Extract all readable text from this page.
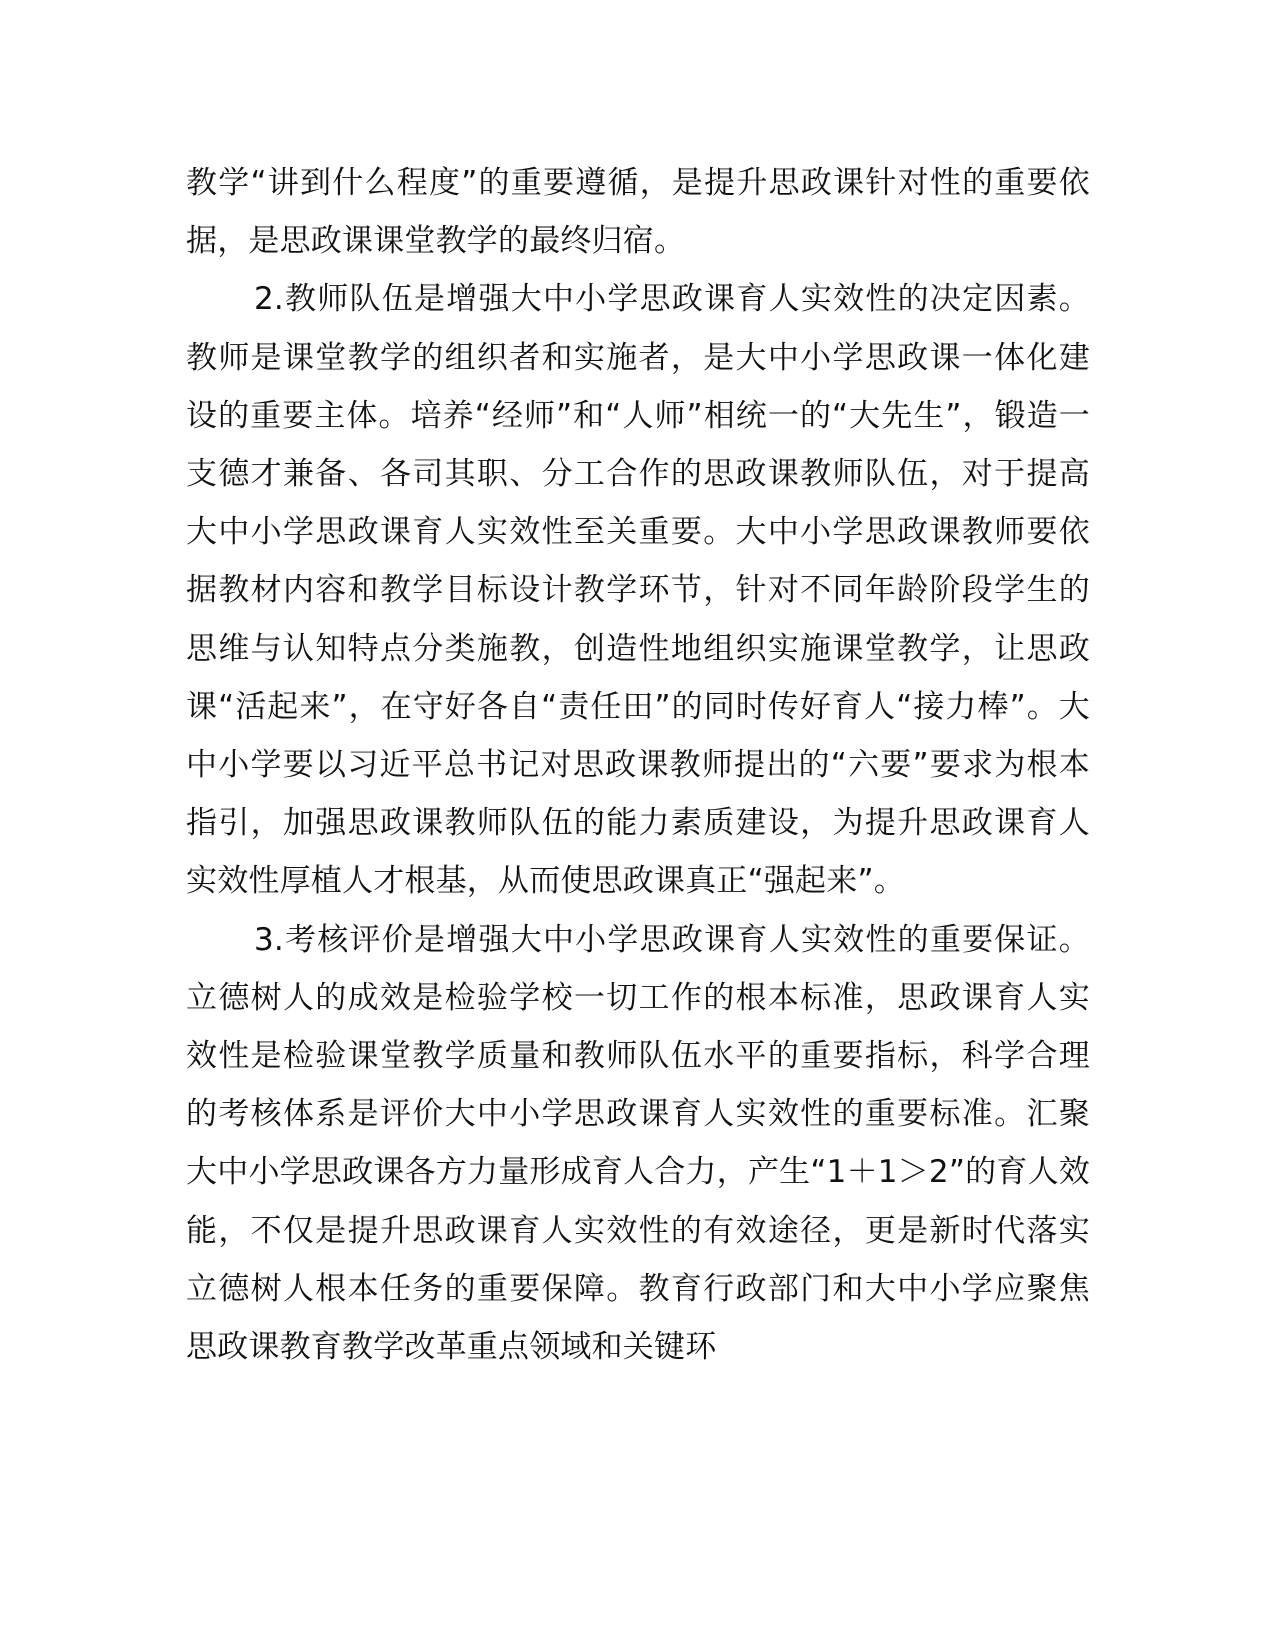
教学“讲到什么程度”的重要遵循，是提升思政课针对性的重要依据，是思政课课堂教学的最终归宿。

2.教师队伍是增强大中小学思政课育人实效性的决定因素。教师是课堂教学的组织者和实施者，是大中小学思政课一体化建设的重要主体。培养“经师”和“人师”相统一的“大先生”，锻造一支德才兼备、各司其职、分工合作的思政课教师队伍，对于提高大中小学思政课育人实效性至关重要。大中小学思政课教师要依据教材内容和教学目标设计教学环节，针对不同年龄阶段学生的思维与认知特点分类施教，创造性地组织实施课堂教学，让思政课“活起来”，在守好各自“责任田”的同时传好育人“接力棒”。大中小学要以习近平总书记对思政课教师提出的“六要”要求为根本指引，加强思政课教师队伍的能力素质建设，为提升思政课育人实效性厚植人才根基，从而使思政课真正“强起来”。

3.考核评价是增强大中小学思政课育人实效性的重要保证。立德树人的成效是检验学校一切工作的根本标准，思政课育人实效性是检验课堂教学质量和教师队伍水平的重要指标，科学合理的考核体系是评价大中小学思政课育人实效性的重要标准。汇聚大中小学思政课各方力量形成育人合力，产生“1＋1＞2”的育人效能，不仅是提升思政课育人实效性的有效途径，更是新时代落实立德树人根本任务的重要保障。教育行政部门和大中小学应聚焦思政课教育教学改革重点领域和关键环
